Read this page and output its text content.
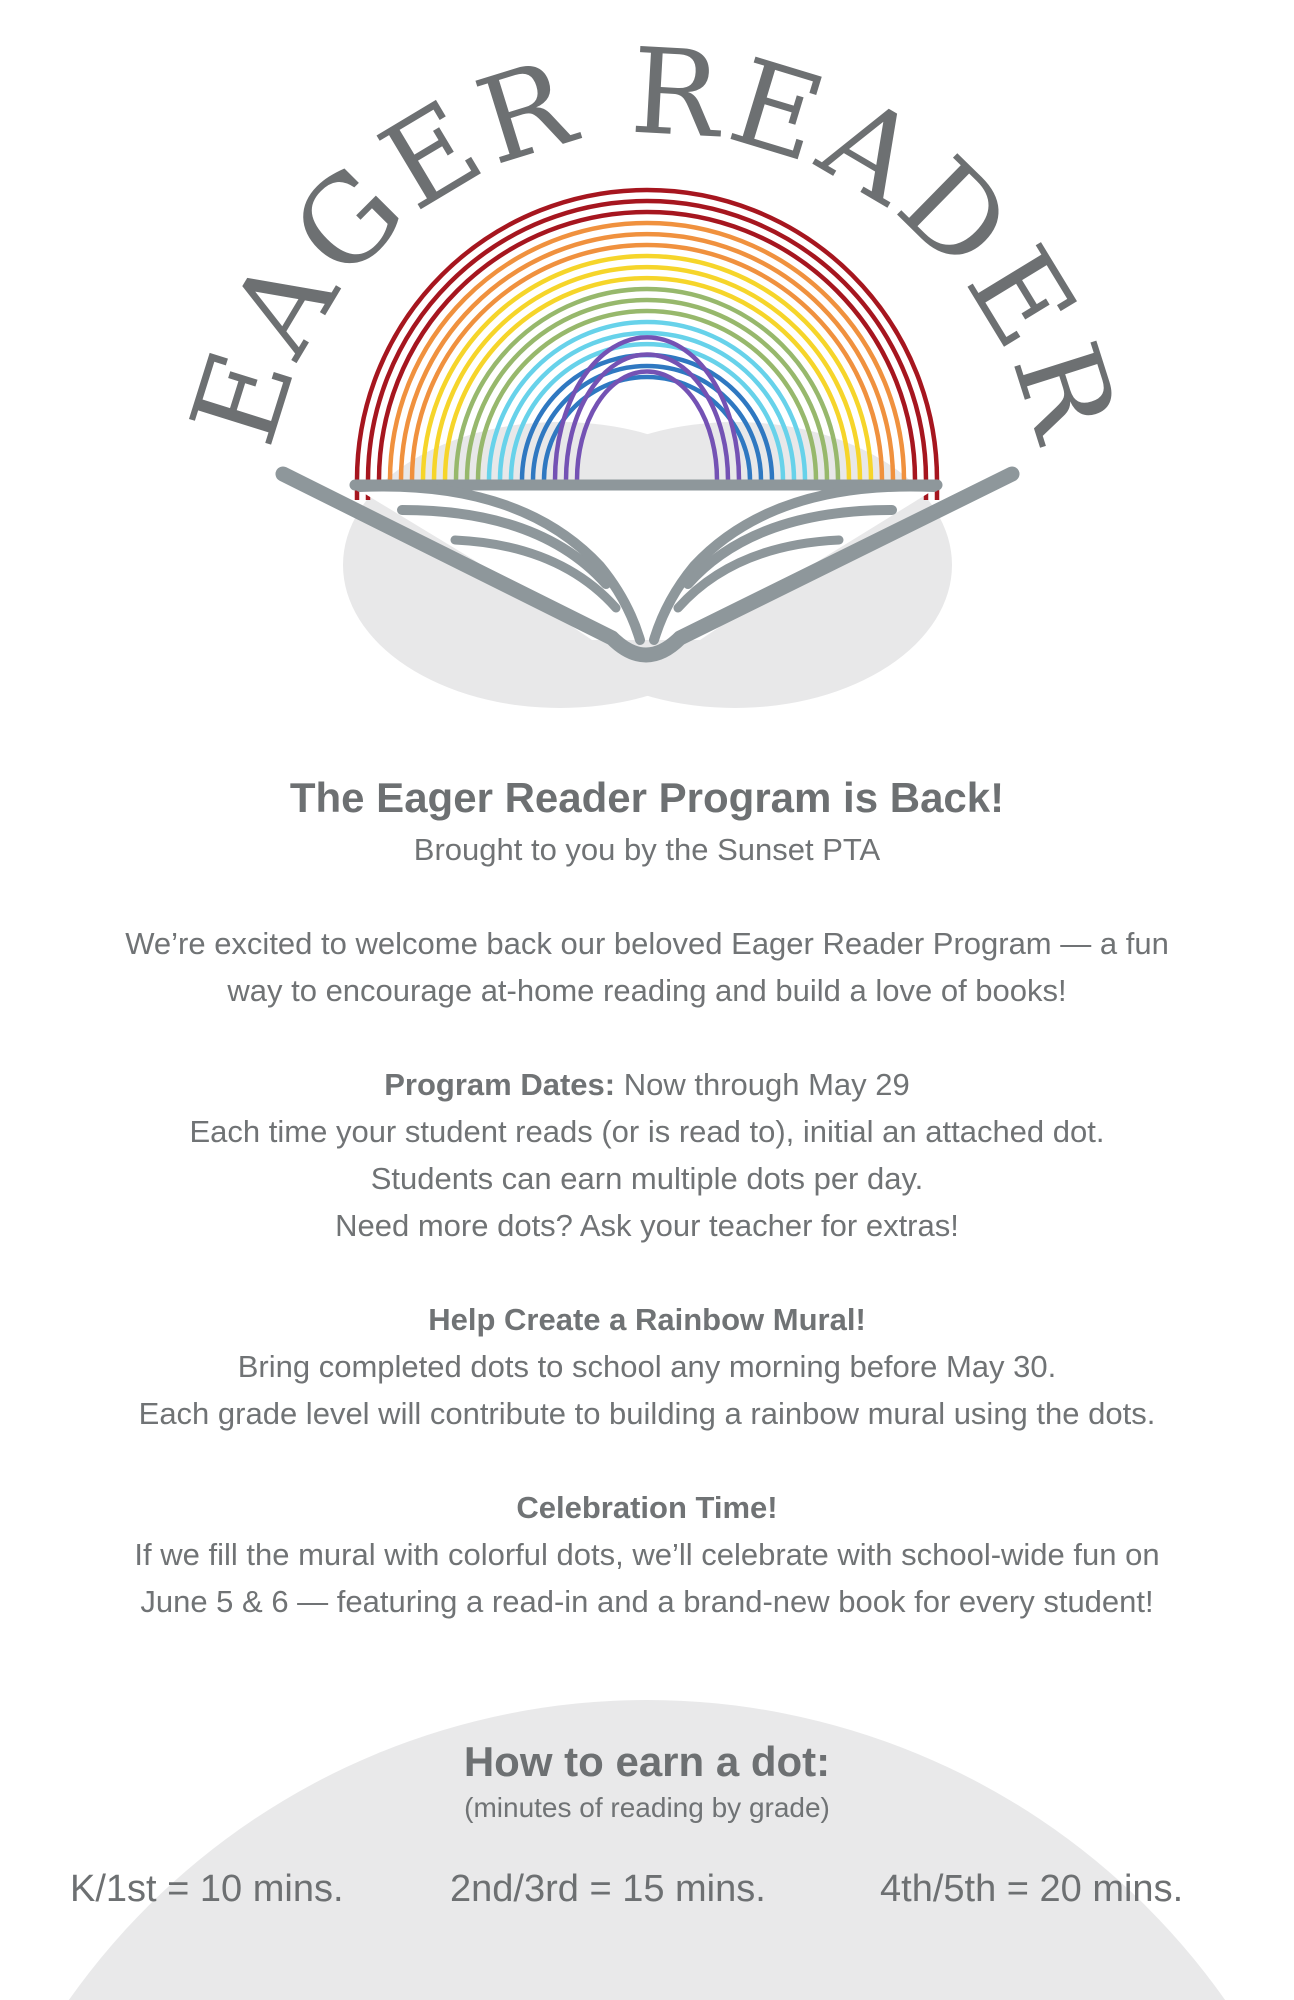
EAGER READER
The Eager Reader Program is Back!

Brought to you by the Sunset PTA

We’re excited to welcome back our beloved Eager Reader Program — a fun

way to encourage at-home reading and build a love of books!

Program Dates: Now through May 29

Each time your student reads (or is read to), initial an attached dot.

Students can earn multiple dots per day.

Need more dots? Ask your teacher for extras!

Help Create a Rainbow Mural!

Bring completed dots to school any morning before May 30.

Each grade level will contribute to building a rainbow mural using the dots.

Celebration Time!

If we fill the mural with colorful dots, we’ll celebrate with school-wide fun on

June 5 & 6 — featuring a read-in and a brand-new book for every student!

How to earn a dot:

(minutes of reading by grade)

K/1st = 10 mins.	2nd/3rd = 15 mins.	4th/5th = 20 mins.
